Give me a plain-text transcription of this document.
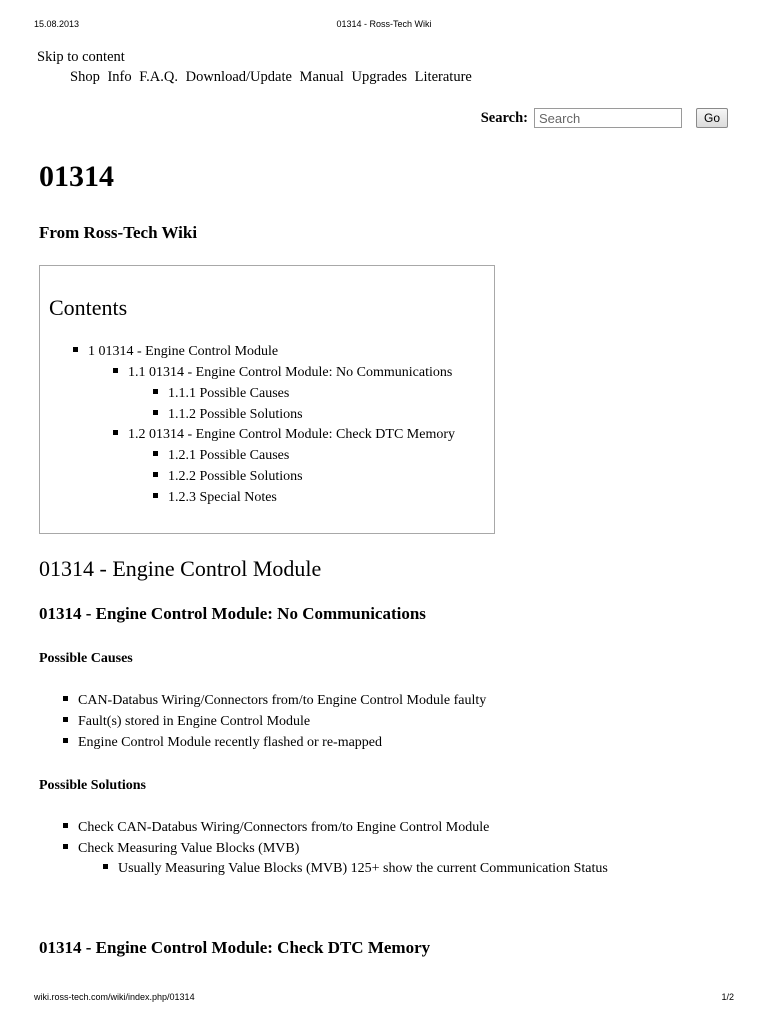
15.08.2013	01314 - Ross-Tech Wiki
Skip to content
Shop Info F.A.Q. Download/Update Manual Upgrades Literature
Search:
Search	Go
01314
From Ross-Tech Wiki
Contents
1 01314 - Engine Control Module
1.1 01314 - Engine Control Module: No Communications
1.1.1 Possible Causes
1.1.2 Possible Solutions
1.2 01314 - Engine Control Module: Check DTC Memory
1.2.1 Possible Causes
1.2.2 Possible Solutions
1.2.3 Special Notes
01314 - Engine Control Module
01314 - Engine Control Module: No Communications
Possible Causes
CAN-Databus Wiring/Connectors from/to Engine Control Module faulty
Fault(s) stored in Engine Control Module
Engine Control Module recently flashed or re-mapped
Possible Solutions
Check CAN-Databus Wiring/Connectors from/to Engine Control Module
Check Measuring Value Blocks (MVB)
Usually Measuring Value Blocks (MVB) 125+ show the current Communication Status
01314 - Engine Control Module: Check DTC Memory
wiki.ross-tech.com/wiki/index.php/01314	1/2
